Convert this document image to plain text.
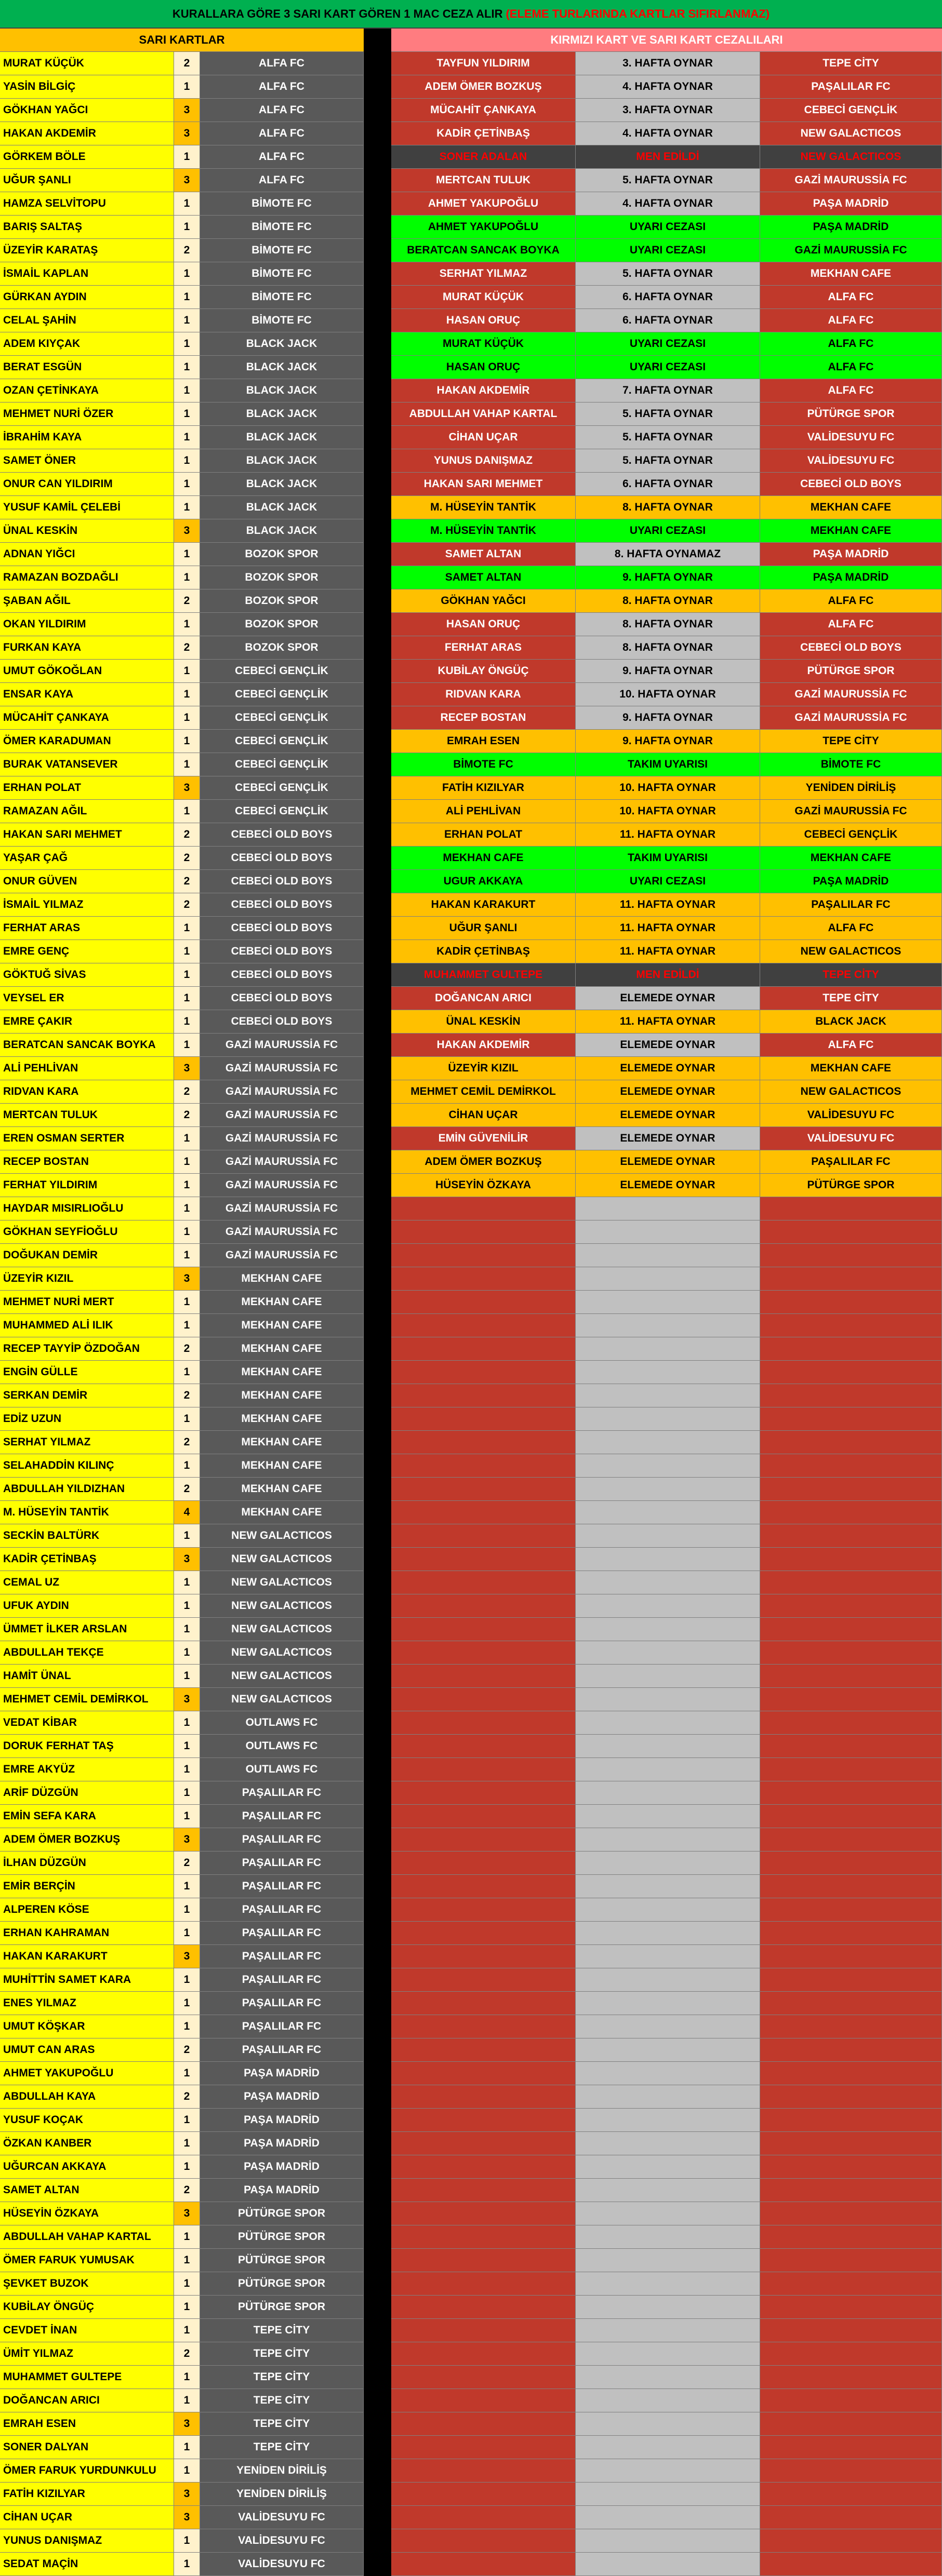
KURALLARA GÖRE 3 SARI KART GÖREN 1 MAC CEZA ALIR (ELEME TURLARINDA KARTLAR SIFIRLANMAZ)
SARI KARTLAR	KIRMIZI KART VE SARI KART CEZALILARI
MURAT KÜÇÜK	2	ALFA FC
YASİN BİLGİÇ	1	ALFA FC
GÖKHAN YAĞCI	3	ALFA FC
HAKAN AKDEMİR	3	ALFA FC
GÖRKEM BÖLE	1	ALFA FC
UĞUR ŞANLI	3	ALFA FC
HAMZA SELVİTOPU	1	BİMOTE FC
BARIŞ SALTAŞ	1	BİMOTE FC
ÜZEYİR KARATAŞ	2	BİMOTE FC
İSMAİL KAPLAN	1	BİMOTE FC
GÜRKAN AYDIN	1	BİMOTE FC
CELAL ŞAHİN	1	BİMOTE FC
ADEM KIYÇAK	1	BLACK JACK
BERAT ESGÜN	1	BLACK JACK
OZAN ÇETİNKAYA	1	BLACK JACK
MEHMET NURİ ÖZER	1	BLACK JACK
İBRAHİM KAYA	1	BLACK JACK
SAMET ÖNER	1	BLACK JACK
ONUR CAN YILDIRIM	1	BLACK JACK
YUSUF KAMİL ÇELEBİ	1	BLACK JACK
ÜNAL KESKİN	3	BLACK JACK
ADNAN YIĞCI	1	BOZOK SPOR
RAMAZAN BOZDAĞLI	1	BOZOK SPOR
ŞABAN AĞIL	2	BOZOK SPOR
OKAN YILDIRIM	1	BOZOK SPOR
FURKAN KAYA	2	BOZOK SPOR
UMUT GÖKOĞLAN	1	CEBECİ GENÇLİK
ENSAR KAYA	1	CEBECİ GENÇLİK
MÜCAHİT ÇANKAYA	1	CEBECİ GENÇLİK
ÖMER KARADUMAN	1	CEBECİ GENÇLİK
BURAK VATANSEVER	1	CEBECİ GENÇLİK
ERHAN POLAT	3	CEBECİ GENÇLİK
RAMAZAN AĞIL	1	CEBECİ GENÇLİK
HAKAN SARI MEHMET	2	CEBECİ OLD BOYS
YAŞAR ÇAĞ	2	CEBECİ OLD BOYS
ONUR GÜVEN	2	CEBECİ OLD BOYS
İSMAİL YILMAZ	2	CEBECİ OLD BOYS
FERHAT ARAS	1	CEBECİ OLD BOYS
EMRE GENÇ	1	CEBECİ OLD BOYS
GÖKTUĞ SİVAS	1	CEBECİ OLD BOYS
VEYSEL ER	1	CEBECİ OLD BOYS
EMRE ÇAKIR	1	CEBECİ OLD BOYS
BERATCAN SANCAK BOYKA	1	GAZİ MAURUSSİA FC
ALİ PEHLİVAN	3	GAZİ MAURUSSİA FC
RIDVAN KARA	2	GAZİ MAURUSSİA FC
MERTCAN TULUK	2	GAZİ MAURUSSİA FC
EREN OSMAN SERTER	1	GAZİ MAURUSSİA FC
RECEP BOSTAN	1	GAZİ MAURUSSİA FC
FERHAT YILDIRIM	1	GAZİ MAURUSSİA FC
HAYDAR MISIRLIOĞLU	1	GAZİ MAURUSSİA FC
GÖKHAN SEYFİOĞLU	1	GAZİ MAURUSSİA FC
DOĞUKAN DEMİR	1	GAZİ MAURUSSİA FC
ÜZEYİR KIZIL	3	MEKHAN CAFE
MEHMET NURİ MERT	1	MEKHAN CAFE
MUHAMMED ALİ ILIK	1	MEKHAN CAFE
RECEP TAYYİP ÖZDOĞAN	2	MEKHAN CAFE
ENGİN GÜLLE	1	MEKHAN CAFE
SERKAN DEMİR	2	MEKHAN CAFE
EDİZ UZUN	1	MEKHAN CAFE
SERHAT YILMAZ	2	MEKHAN CAFE
SELAHADDİN KILINÇ	1	MEKHAN CAFE
ABDULLAH YILDIZHAN	2	MEKHAN CAFE
M. HÜSEYİN TANTİK	4	MEKHAN CAFE
SECKİN BALTÜRK	1	NEW GALACTICOS
KADİR ÇETİNBAŞ	3	NEW GALACTICOS
CEMAL UZ	1	NEW GALACTICOS
UFUK AYDIN	1	NEW GALACTICOS
ÜMMET İLKER ARSLAN	1	NEW GALACTICOS
ABDULLAH TEKÇE	1	NEW GALACTICOS
HAMİT ÜNAL	1	NEW GALACTICOS
MEHMET CEMİL DEMİRKOL	3	NEW GALACTICOS
VEDAT KİBAR	1	OUTLAWS FC
DORUK FERHAT TAŞ	1	OUTLAWS FC
EMRE AKYÜZ	1	OUTLAWS FC
ARİF DÜZGÜN	1	PAŞALILAR FC
EMİN SEFA KARA	1	PAŞALILAR FC
ADEM ÖMER BOZKUŞ	3	PAŞALILAR FC
İLHAN DÜZGÜN	2	PAŞALILAR FC
EMİR BERÇİN	1	PAŞALILAR FC
ALPEREN KÖSE	1	PAŞALILAR FC
ERHAN KAHRAMAN	1	PAŞALILAR FC
HAKAN KARAKURT	3	PAŞALILAR FC
MUHİTTİN SAMET KARA	1	PAŞALILAR FC
ENES YILMAZ	1	PAŞALILAR FC
UMUT KÖŞKAR	1	PAŞALILAR FC
UMUT CAN ARAS	2	PAŞALILAR FC
AHMET YAKUPOĞLU	1	PAŞA MADRİD
ABDULLAH KAYA	2	PAŞA MADRİD
YUSUF KOÇAK	1	PAŞA MADRİD
ÖZKAN KANBER	1	PAŞA MADRİD
UĞURCAN AKKAYA	1	PAŞA MADRİD
SAMET ALTAN	2	PAŞA MADRİD
HÜSEYİN ÖZKAYA	3	PÜTÜRGE SPOR
ABDULLAH VAHAP KARTAL	1	PÜTÜRGE SPOR
ÖMER FARUK YUMUSAK	1	PÜTÜRGE SPOR
ŞEVKET BUZOK	1	PÜTÜRGE SPOR
KUBİLAY ÖNGÜÇ	1	PÜTÜRGE SPOR
CEVDET İNAN	1	TEPE CİTY
ÜMİT YILMAZ	2	TEPE CİTY
MUHAMMET GULTEPE	1	TEPE CİTY
DOĞANCAN ARICI	1	TEPE CİTY
EMRAH ESEN	3	TEPE CİTY
SONER DALYAN	1	TEPE CİTY
ÖMER FARUK YURDUNKULU	1	YENİDEN DİRİLİŞ
FATİH KIZILYAR	3	YENİDEN DİRİLİŞ
CİHAN UÇAR	3	VALİDESUYU FC
YUNUS DANIŞMAZ	1	VALİDESUYU FC
SEDAT MAÇİN	1	VALİDESUYU FC
TAYFUN YILDIRIM	3. HAFTA OYNAR	TEPE CİTY
ADEM ÖMER BOZKUŞ	4. HAFTA OYNAR	PAŞALILAR FC
MÜCAHİT ÇANKAYA	3. HAFTA OYNAR	CEBECİ GENÇLİK
KADİR ÇETİNBAŞ	4. HAFTA OYNAR	NEW GALACTICOS
SONER ADALAN	MEN EDİLDİ	NEW GALACTICOS
MERTCAN TULUK	5. HAFTA OYNAR	GAZİ MAURUSSİA FC
AHMET YAKUPOĞLU	4. HAFTA OYNAR	PAŞA MADRİD
AHMET YAKUPOĞLU	UYARI CEZASI	PAŞA MADRİD
BERATCAN SANCAK BOYKA	UYARI CEZASI	GAZİ MAURUSSİA FC
SERHAT YILMAZ	5. HAFTA OYNAR	MEKHAN CAFE
MURAT KÜÇÜK	6. HAFTA OYNAR	ALFA FC
HASAN ORUÇ	6. HAFTA OYNAR	ALFA FC
MURAT KÜÇÜK	UYARI CEZASI	ALFA FC
HASAN ORUÇ	UYARI CEZASI	ALFA FC
HAKAN AKDEMİR	7. HAFTA OYNAR	ALFA FC
ABDULLAH VAHAP KARTAL	5. HAFTA OYNAR	PÜTÜRGE SPOR
CİHAN UÇAR	5. HAFTA OYNAR	VALİDESUYU FC
YUNUS DANIŞMAZ	5. HAFTA OYNAR	VALİDESUYU FC
HAKAN SARI MEHMET	6. HAFTA OYNAR	CEBECİ OLD BOYS
M. HÜSEYİN TANTİK	8. HAFTA OYNAR	MEKHAN CAFE
M. HÜSEYİN TANTİK	UYARI CEZASI	MEKHAN CAFE
SAMET ALTAN	8. HAFTA OYNAMAZ	PAŞA MADRİD
SAMET ALTAN	9. HAFTA OYNAR	PAŞA MADRİD
GÖKHAN YAĞCI	8. HAFTA OYNAR	ALFA FC
HASAN ORUÇ	8. HAFTA OYNAR	ALFA FC
FERHAT ARAS	8. HAFTA OYNAR	CEBECİ OLD BOYS
KUBİLAY ÖNGÜÇ	9. HAFTA OYNAR	PÜTÜRGE SPOR
RIDVAN KARA	10. HAFTA OYNAR	GAZİ MAURUSSİA FC
RECEP BOSTAN	9. HAFTA OYNAR	GAZİ MAURUSSİA FC
EMRAH ESEN	9. HAFTA OYNAR	TEPE CİTY
BİMOTE FC	TAKIM UYARISI	BİMOTE FC
FATİH KIZILYAR	10. HAFTA OYNAR	YENİDEN DİRİLİŞ
ALİ PEHLİVAN	10. HAFTA OYNAR	GAZİ MAURUSSİA FC
ERHAN POLAT	11. HAFTA OYNAR	CEBECİ GENÇLİK
MEKHAN CAFE	TAKIM UYARISI	MEKHAN CAFE
UGUR AKKAYA	UYARI CEZASI	PAŞA MADRİD
HAKAN KARAKURT	11. HAFTA OYNAR	PAŞALILAR FC
UĞUR ŞANLI	11. HAFTA OYNAR	ALFA FC
KADİR ÇETİNBAŞ	11. HAFTA OYNAR	NEW GALACTICOS
MUHAMMET GULTEPE	MEN EDİLDİ	TEPE CİTY
DOĞANCAN ARICI	ELEMEDE OYNAR	TEPE CİTY
ÜNAL KESKİN	11. HAFTA OYNAR	BLACK JACK
HAKAN AKDEMİR	ELEMEDE OYNAR	ALFA FC
ÜZEYİR KIZIL	ELEMEDE OYNAR	MEKHAN CAFE
MEHMET CEMİL DEMİRKOL	ELEMEDE OYNAR	NEW GALACTICOS
CİHAN UÇAR	ELEMEDE OYNAR	VALİDESUYU FC
EMİN GÜVENİLİR	ELEMEDE OYNAR	VALİDESUYU FC
ADEM ÖMER BOZKUŞ	ELEMEDE OYNAR	PAŞALILAR FC
HÜSEYİN ÖZKAYA	ELEMEDE OYNAR	PÜTÜRGE SPOR
